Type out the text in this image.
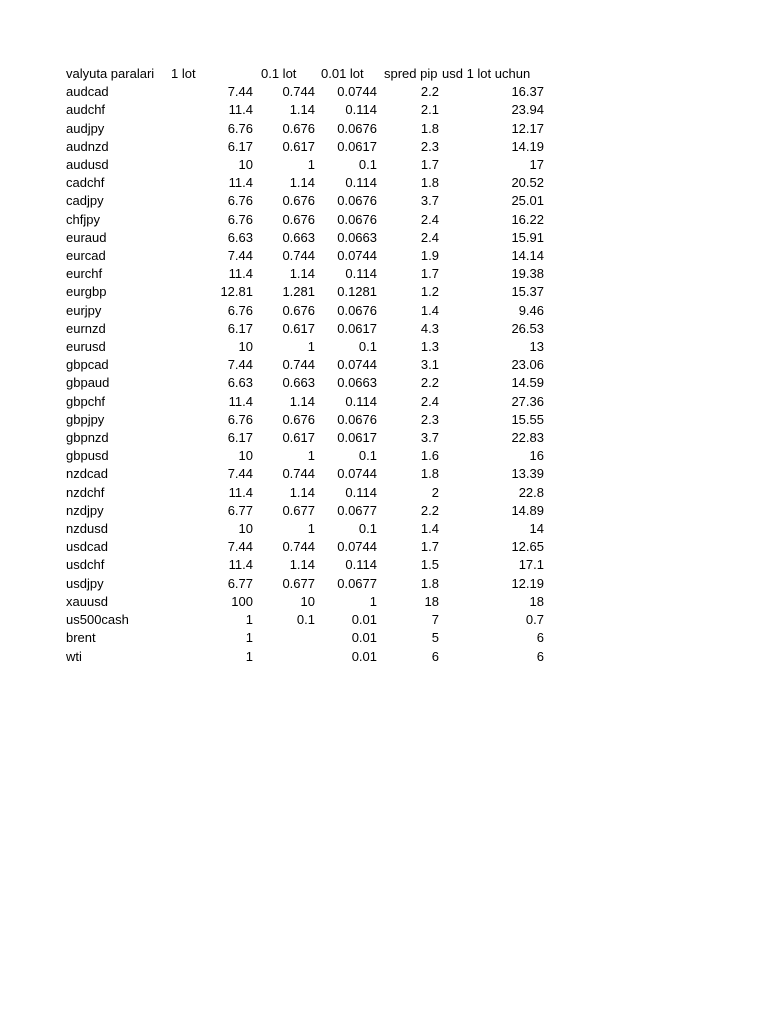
valyuta paralari	1 lot	0.1 lot	0.01 lot	spred pip	usd 1 lot uchun
audcad	7.44	0.744	0.0744	2.2	16.37
audchf	11.4	1.14	0.114	2.1	23.94
audjpy	6.76	0.676	0.0676	1.8	12.17
audnzd	6.17	0.617	0.0617	2.3	14.19
audusd	10	1	0.1	1.7	17
cadchf	11.4	1.14	0.114	1.8	20.52
cadjpy	6.76	0.676	0.0676	3.7	25.01
chfjpy	6.76	0.676	0.0676	2.4	16.22
euraud	6.63	0.663	0.0663	2.4	15.91
eurcad	7.44	0.744	0.0744	1.9	14.14
eurchf	11.4	1.14	0.114	1.7	19.38
eurgbp	12.81	1.281	0.1281	1.2	15.37
eurjpy	6.76	0.676	0.0676	1.4	9.46
eurnzd	6.17	0.617	0.0617	4.3	26.53
eurusd	10	1	0.1	1.3	13
gbpcad	7.44	0.744	0.0744	3.1	23.06
gbpaud	6.63	0.663	0.0663	2.2	14.59
gbpchf	11.4	1.14	0.114	2.4	27.36
gbpjpy	6.76	0.676	0.0676	2.3	15.55
gbpnzd	6.17	0.617	0.0617	3.7	22.83
gbpusd	10	1	0.1	1.6	16
nzdcad	7.44	0.744	0.0744	1.8	13.39
nzdchf	11.4	1.14	0.114	2	22.8
nzdjpy	6.77	0.677	0.0677	2.2	14.89
nzdusd	10	1	0.1	1.4	14
usdcad	7.44	0.744	0.0744	1.7	12.65
usdchf	11.4	1.14	0.114	1.5	17.1
usdjpy	6.77	0.677	0.0677	1.8	12.19
xauusd	100	10	1	18	18
us500cash	1	0.1	0.01	7	0.7
brent	1		0.01	5	6
wti	1		0.01	6	6
